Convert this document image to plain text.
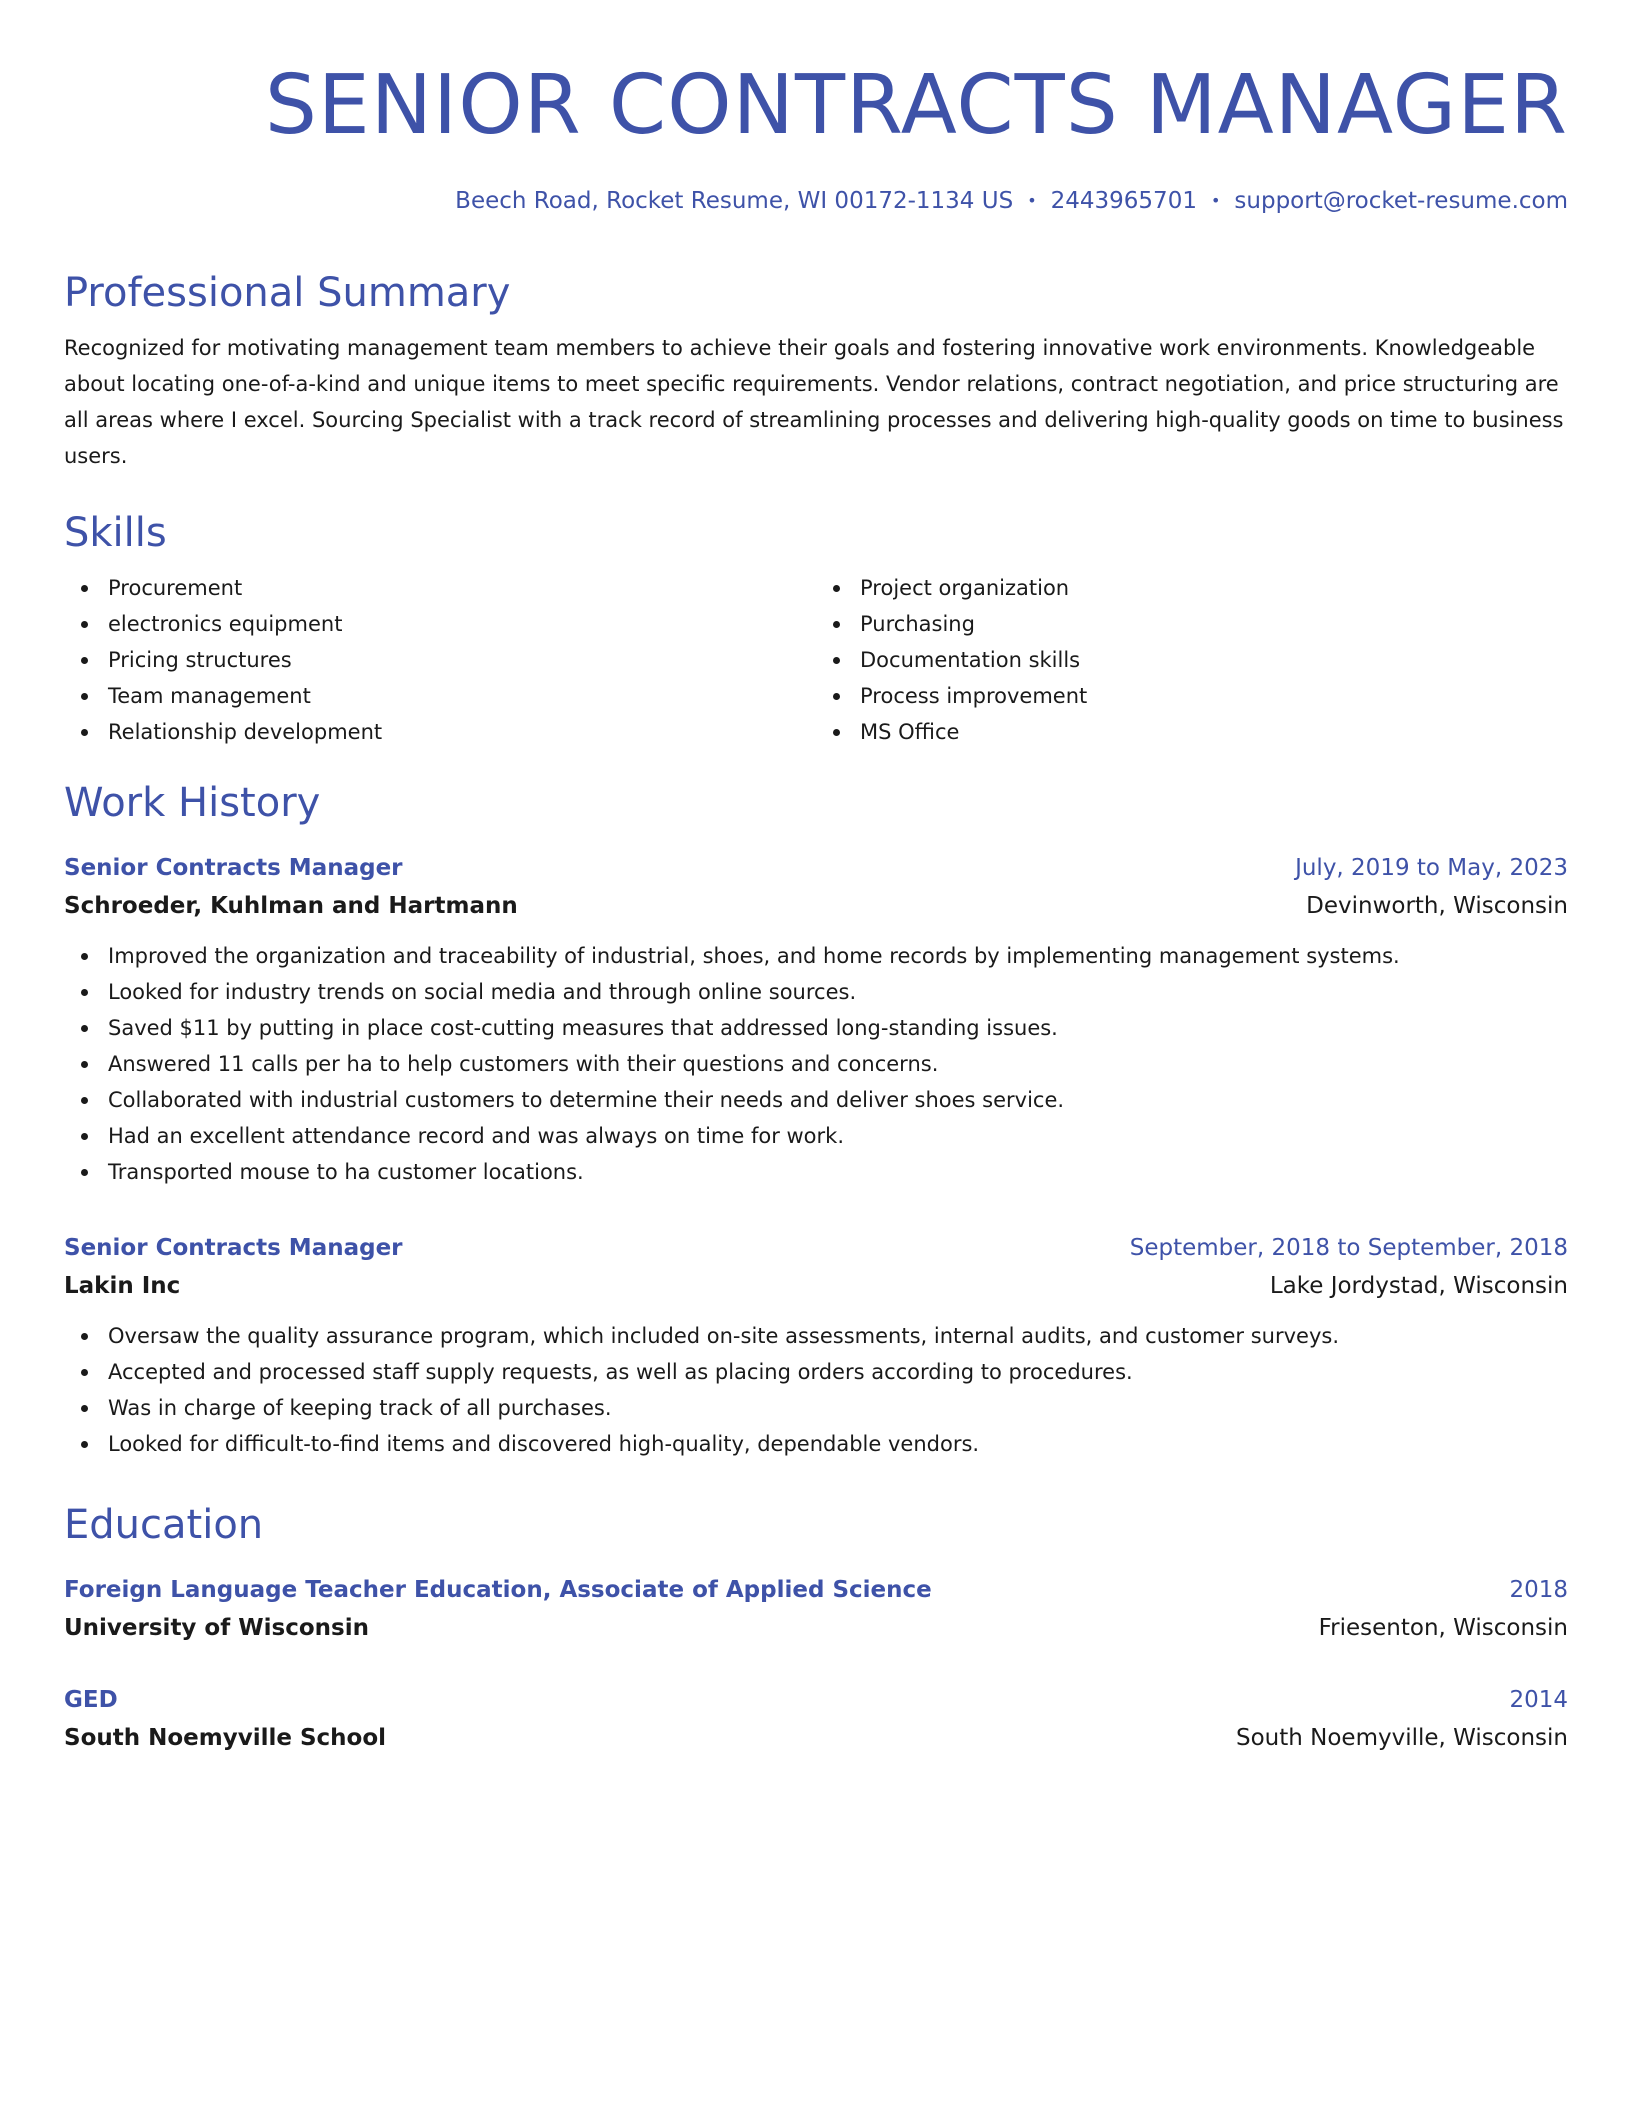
SENIOR CONTRACTS MANAGER
Beech Road, Rocket Resume, WI 00172-1134 US • 2443965701 • support@rocket-resume.com
Professional Summary

Recognized for motivating management team members to achieve their goals and fostering innovative work environments. Knowledgeable about locating one-of-a-kind and unique items to meet specific requirements. Vendor relations, contract negotiation, and price structuring are all areas where I excel. Sourcing Specialist with a track record of streamlining processes and delivering high-quality goods on time to business users.

Skills
Procurement
electronics equipment
Pricing structures
Team management
Relationship development
Project organization
Purchasing
Documentation skills
Process improvement
MS Office
Work History
Senior Contracts Manager	July, 2019 to May, 2023
Schroeder, Kuhlman and Hartmann	Devinworth, Wisconsin
Improved the organization and traceability of industrial, shoes, and home records by implementing management systems.
Looked for industry trends on social media and through online sources.
Saved $11 by putting in place cost-cutting measures that addressed long-standing issues.
Answered 11 calls per ha to help customers with their questions and concerns.
Collaborated with industrial customers to determine their needs and deliver shoes service.
Had an excellent attendance record and was always on time for work.
Transported mouse to ha customer locations.
Senior Contracts Manager	September, 2018 to September, 2018
Lakin Inc	Lake Jordystad, Wisconsin
Oversaw the quality assurance program, which included on-site assessments, internal audits, and customer surveys.
Accepted and processed staff supply requests, as well as placing orders according to procedures.
Was in charge of keeping track of all purchases.
Looked for difficult-to-find items and discovered high-quality, dependable vendors.
Education
Foreign Language Teacher Education, Associate of Applied Science	2018
University of Wisconsin	Friesenton, Wisconsin
GED	2014
South Noemyville School	South Noemyville, Wisconsin
